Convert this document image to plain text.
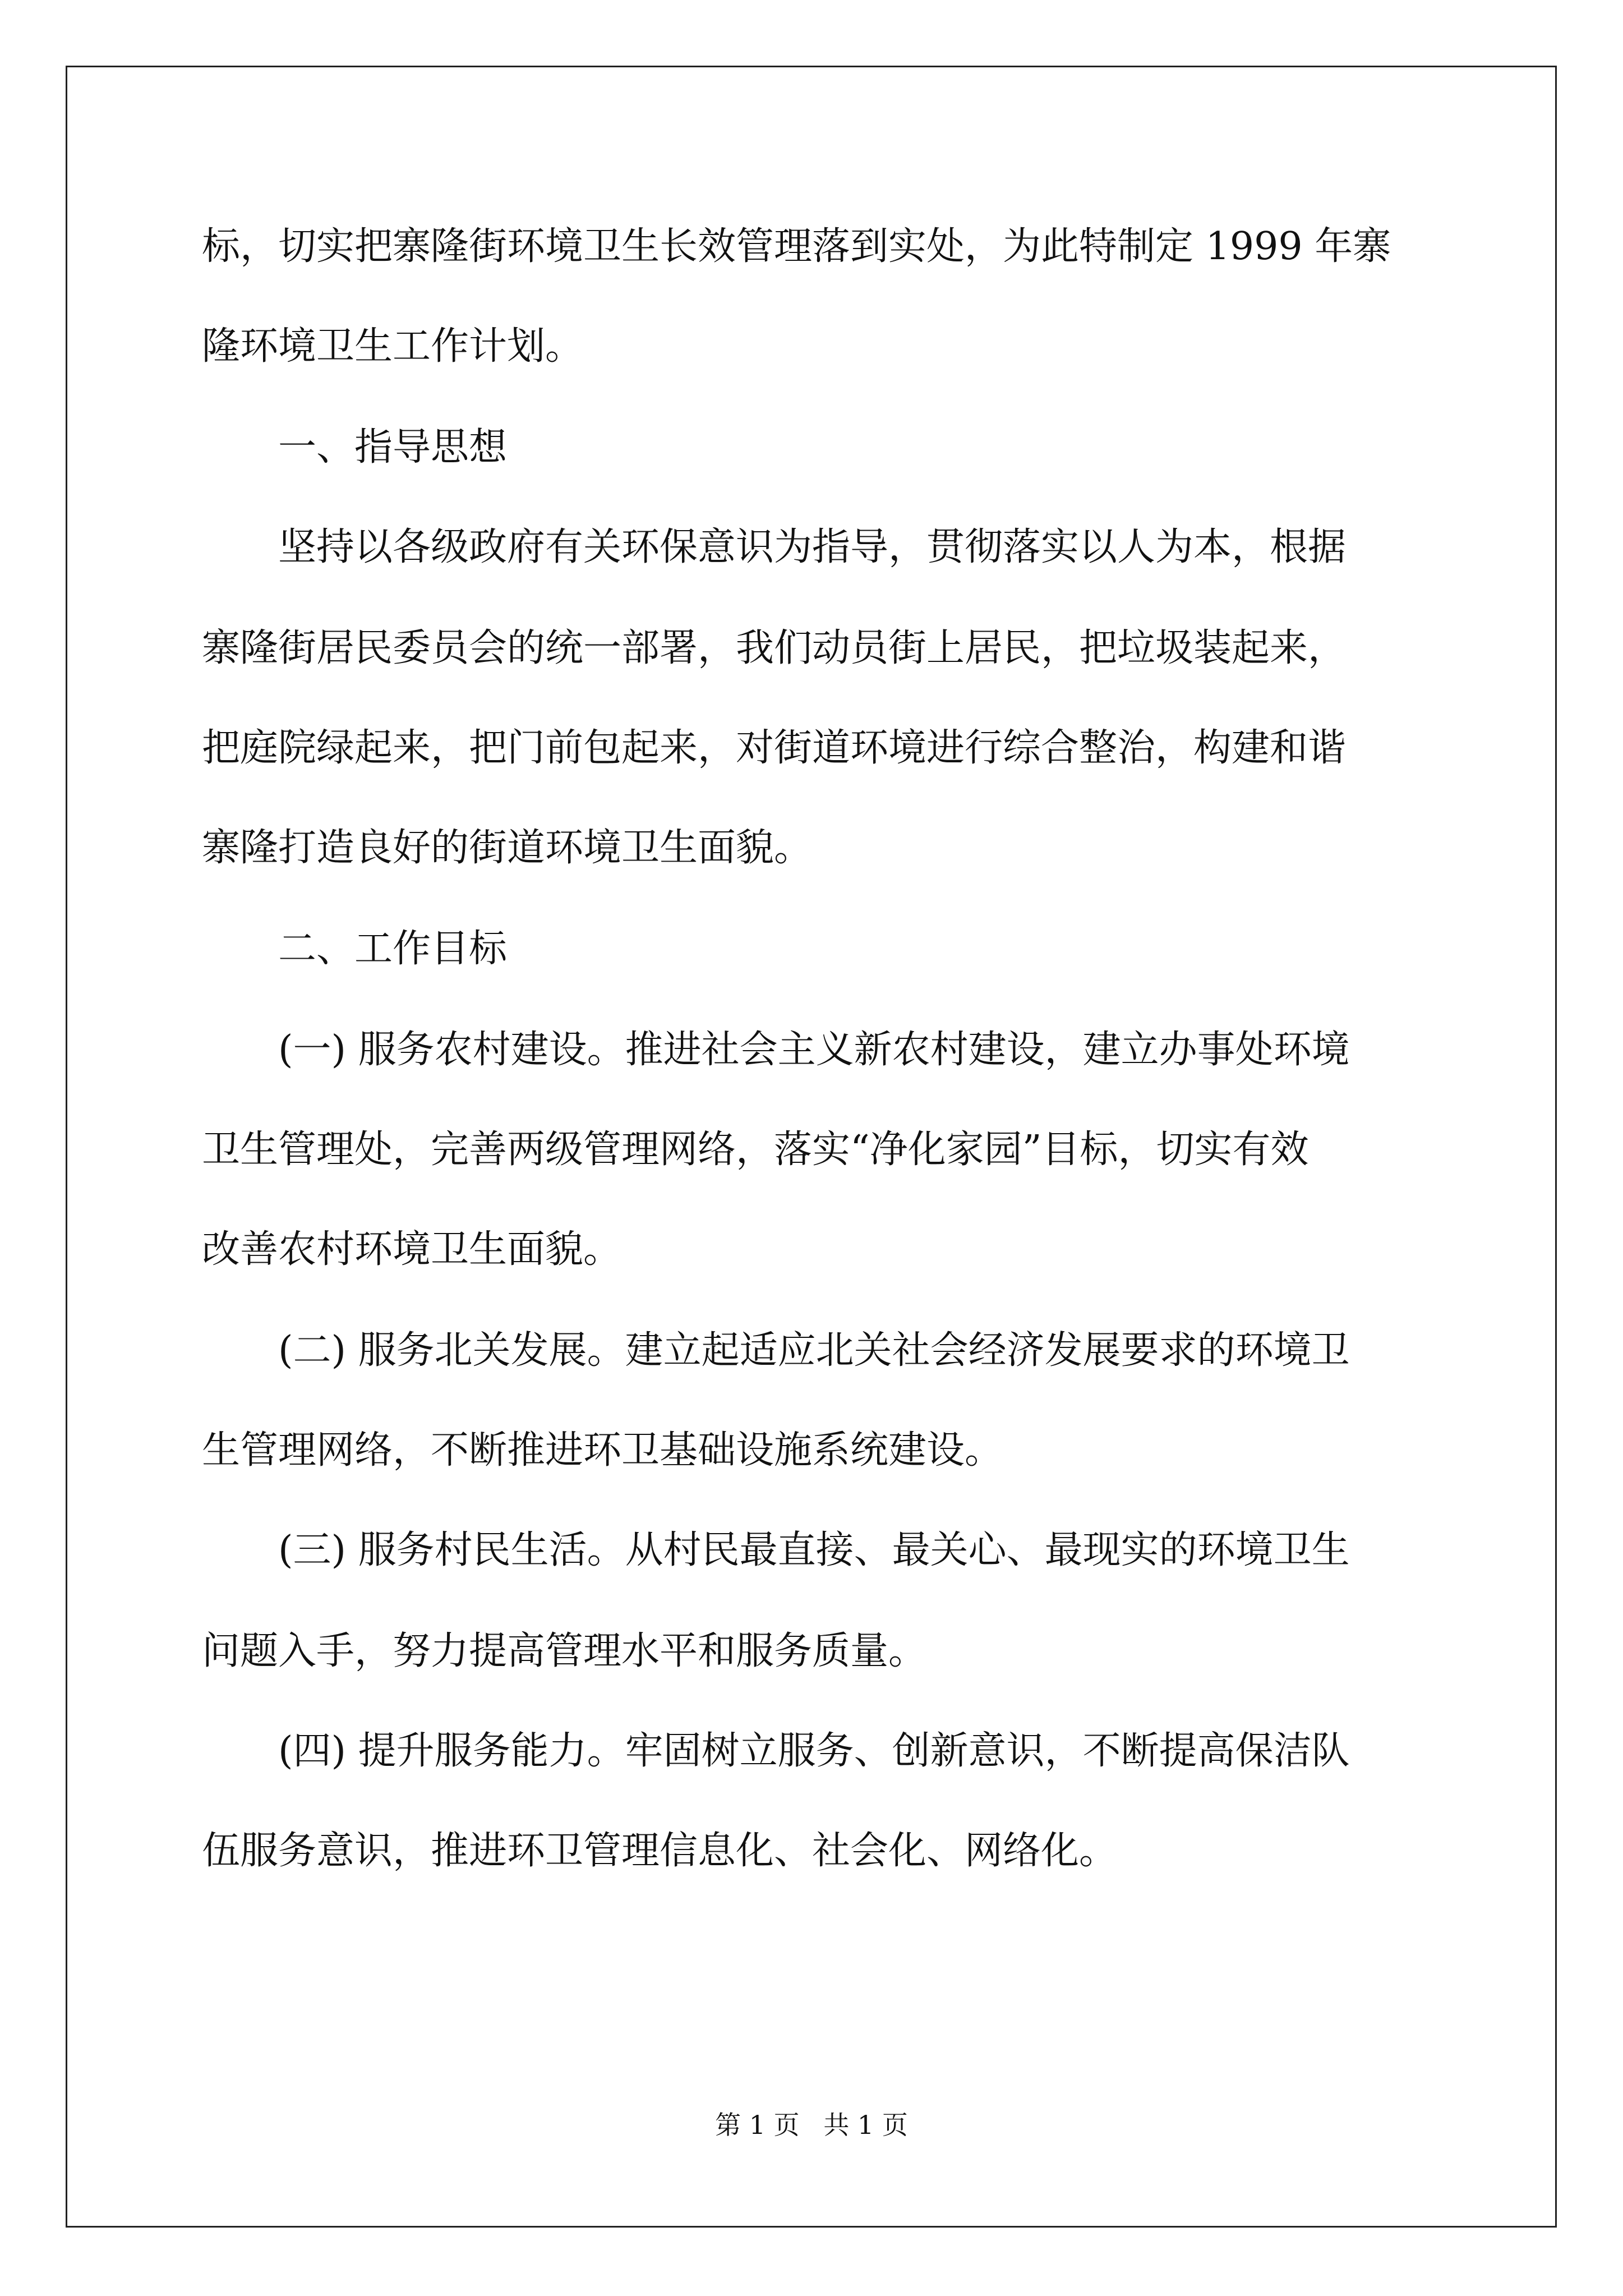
标，切实把寨隆街环境卫生长效管理落到实处，为此特制定 1999 年寨
隆环境卫生工作计划。
一、指导思想
坚持以各级政府有关环保意识为指导，贯彻落实以人为本，根据
寨隆街居民委员会的统一部署，我们动员街上居民，把垃圾装起来，
把庭院绿起来，把门前包起来，对街道环境进行综合整治，构建和谐
寨隆打造良好的街道环境卫生面貌。
二、工作目标
(一) 服务农村建设。推进社会主义新农村建设，建立办事处环境
卫生管理处，完善两级管理网络，落实“净化家园”目标，切实有效
改善农村环境卫生面貌。
(二) 服务北关发展。建立起适应北关社会经济发展要求的环境卫
生管理网络，不断推进环卫基础设施系统建设。
(三) 服务村民生活。从村民最直接、最关心、最现实的环境卫生
问题入手，努力提高管理水平和服务质量。
(四) 提升服务能力。牢固树立服务、创新意识，不断提高保洁队
伍服务意识，推进环卫管理信息化、社会化、网络化。
第 1 页 共 1 页
